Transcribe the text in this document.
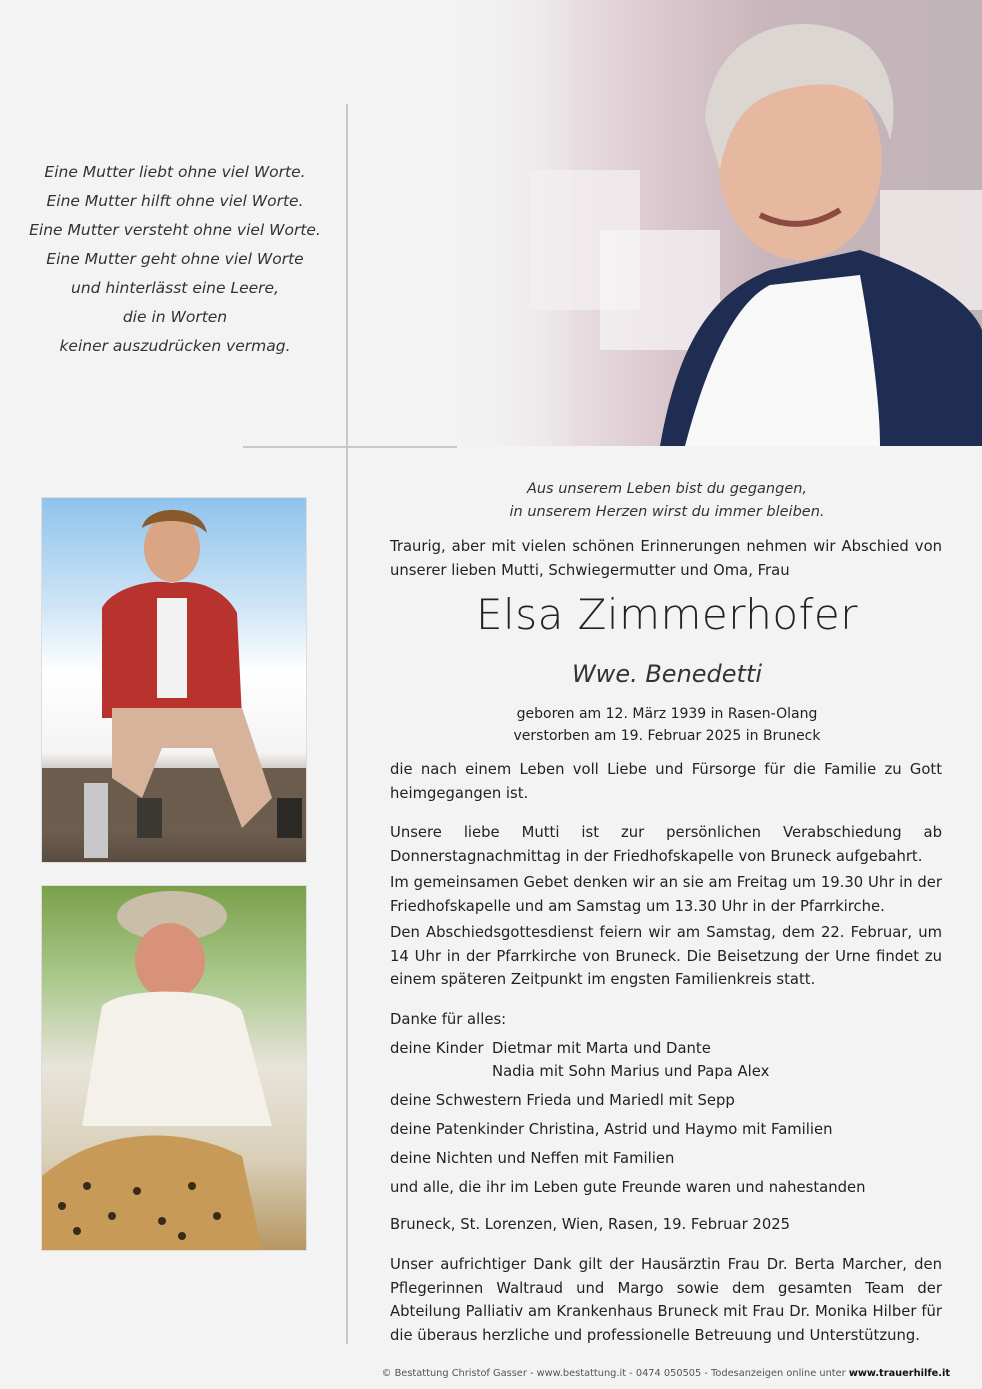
Eine Mutter liebt ohne viel Worte.
Eine Mutter hilft ohne viel Worte.
Eine Mutter versteht ohne viel Worte.
Eine Mutter geht ohne viel Worte
und hinterlässt eine Leere,
die in Worten
keiner auszudrücken vermag.
Aus unserem Leben bist du gegangen,
in unserem Herzen wirst du immer bleiben.
Traurig, aber mit vielen schönen Erinnerungen nehmen wir Abschied von unserer lieben Mutti, Schwiegermutter und Oma, Frau
Elsa Zimmerhofer
Wwe. Benedetti
geboren am 12. März 1939 in Rasen-Olang
verstorben am 19. Februar 2025 in Bruneck
die nach einem Leben voll Liebe und Fürsorge für die Familie zu Gott heimgegangen ist.
Unsere liebe Mutti ist zur persönlichen Verabschiedung ab Donnerstagnachmittag in der Friedhofskapelle von Bruneck aufgebahrt.
Im gemeinsamen Gebet denken wir an sie am Freitag um 19.30 Uhr in der Friedhofskapelle und am Samstag um 13.30 Uhr in der Pfarrkirche.
Den Abschiedsgottesdienst feiern wir am Samstag, dem 22. Februar, um 14 Uhr in der Pfarrkirche von Bruneck. Die Beisetzung der Urne findet zu einem späteren Zeitpunkt im engsten Familienkreis statt.
Danke für alles:
deine Kinder Dietmar mit Marta und Dante
Nadia mit Sohn Marius und Papa Alex
deine Schwestern Frieda und Mariedl mit Sepp
deine Patenkinder Christina, Astrid und Haymo mit Familien
deine Nichten und Neffen mit Familien
und alle, die ihr im Leben gute Freunde waren und nahestanden
Bruneck, St. Lorenzen, Wien, Rasen, 19. Februar 2025
Unser aufrichtiger Dank gilt der Hausärztin Frau Dr. Berta Marcher, den Pflegerinnen Waltraud und Margo sowie dem gesamten Team der Abteilung Palliativ am Krankenhaus Bruneck mit Frau Dr. Monika Hilber für die überaus herzliche und professionelle Betreuung und Unterstützung.
© Bestattung Christof Gasser - www.bestattung.it - 0474 050505 - Todesanzeigen online unter www.trauerhilfe.it
